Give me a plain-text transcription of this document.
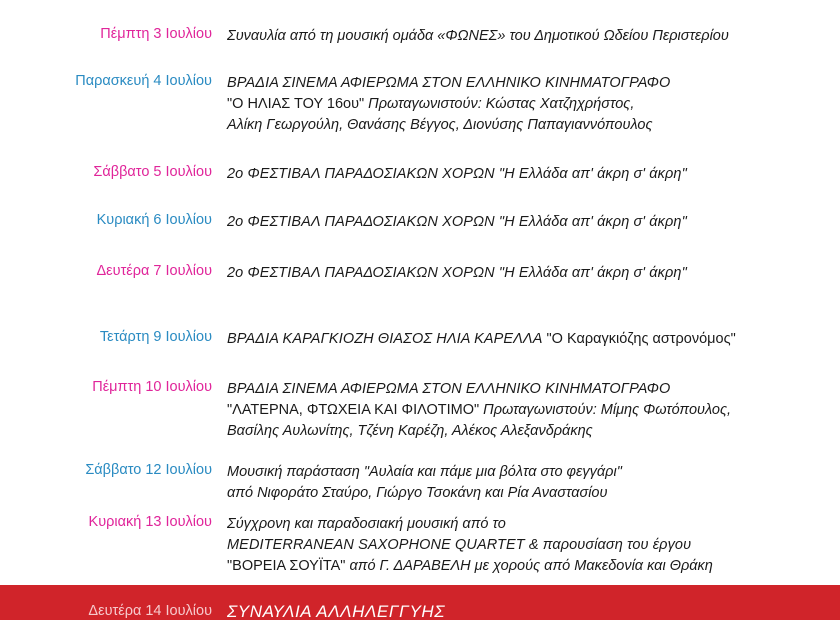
Πέμπτη 3 Ιουλίου Συναυλία από τη μουσική ομάδα «ΦΩΝΕΣ» του Δημοτικού Ωδείου Περιστερίου
Παρασκευή 4 Ιουλίου ΒΡΑΔΙΑ ΣΙΝΕΜΑ ΑΦΙΕΡΩΜΑ ΣΤΟΝ ΕΛΛΗΝΙΚΟ ΚΙΝΗΜΑΤΟΓΡΑΦΟ
"Ο ΗΛΙΑΣ ΤΟΥ 16ου" Πρωταγωνιστούν: Κώστας Χατζηχρήστος,
Αλίκη Γεωργούλη, Θανάσης Βέγγος, Διονύσης Παπαγιαννόπουλος
Σάββατο 5 Ιουλίου 2ο ΦΕΣΤΙΒΑΛ ΠΑΡΑΔΟΣΙΑΚΩΝ ΧΟΡΩΝ "Η Ελλάδα απ' άκρη σ' άκρη"
Κυριακή 6 Ιουλίου 2ο ΦΕΣΤΙΒΑΛ ΠΑΡΑΔΟΣΙΑΚΩΝ ΧΟΡΩΝ "Η Ελλάδα απ' άκρη σ' άκρη"
Δευτέρα 7 Ιουλίου 2ο ΦΕΣΤΙΒΑΛ ΠΑΡΑΔΟΣΙΑΚΩΝ ΧΟΡΩΝ "Η Ελλάδα απ' άκρη σ' άκρη"
Τετάρτη 9 Ιουλίου ΒΡΑΔΙΑ ΚΑΡΑΓΚΙΟΖΗ ΘΙΑΣΟΣ ΗΛΙΑ ΚΑΡΕΛΛΑ "Ο Καραγκιόζης αστρονόμος"
Πέμπτη 10 Ιουλίου ΒΡΑΔΙΑ ΣΙΝΕΜΑ ΑΦΙΕΡΩΜΑ ΣΤΟΝ ΕΛΛΗΝΙΚΟ ΚΙΝΗΜΑΤΟΓΡΑΦΟ
"ΛΑΤΕΡΝΑ, ΦΤΩΧΕΙΑ ΚΑΙ ΦΙΛΟΤΙΜΟ" Πρωταγωνιστούν: Μίμης Φωτόπουλος,
Βασίλης Αυλωνίτης, Τζένη Καρέζη, Αλέκος Αλεξανδράκης
Σάββατο 12 Ιουλίου Μουσική παράσταση "Αυλαία και πάμε μια βόλτα στο φεγγάρι"
από Νιφοράτο Σταύρο, Γιώργο Τσοκάνη και Ρία Αναστασίου
Κυριακή 13 Ιουλίου Σύγχρονη και παραδοσιακή μουσική από το
MEDITERRANEAN SAXOPHONE QUARTET & παρουσίαση του έργου
"ΒΟΡΕΙΑ ΣΟΥΪΤΑ" από Γ. ΔΑΡΑΒΕΛΗ με χορούς από Μακεδονία και Θράκη
Δευτέρα 14 Ιουλίου ΣΥΝΑΥΛΙΑ ΑΛΛΗΛΕΓΓΥΗΣ
